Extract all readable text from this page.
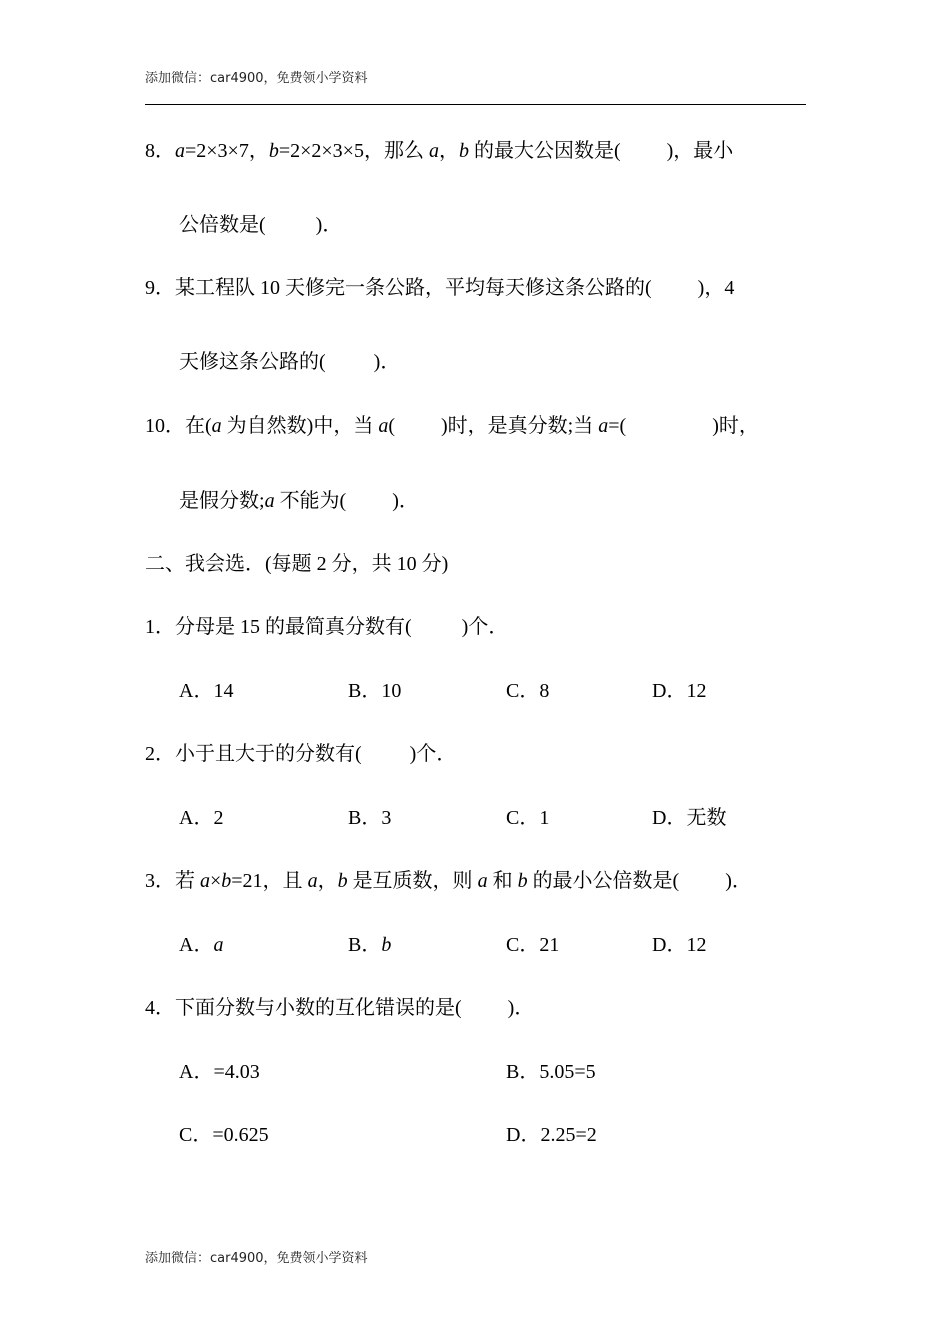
添加微信：car4900，免费领小学资料
8．a=2×3×7，b=2×2×3×5，那么 a，b 的最大公因数是( )，最小
公倍数是(	)．
9．某工程队 10 天修完一条公路，平均每天修这条公路的( )，4
天修这条公路的( )．
10．在(a 为自然数)中，当 a( )时，是真分数;当 a=(	)时，
是假分数;a 不能为( )．
二、我会选．(每题 2 分，共 10 分)
1．分母是 15 的最简真分数有(	)个．
A．14	B．10	C．8	D．12
2．小于且大于的分数有( )个．
A．2	B．3	C．1	D．无数
3．若 a×b=21，且 a，b 是互质数，则 a 和 b 的最小公倍数是( )．
A．a	B．b	C．21	D．12
4．下面分数与小数的互化错误的是( )．
A．=4.03	B．5.05=5
C．=0.625	D．2.25=2
添加微信：car4900，免费领小学资料
